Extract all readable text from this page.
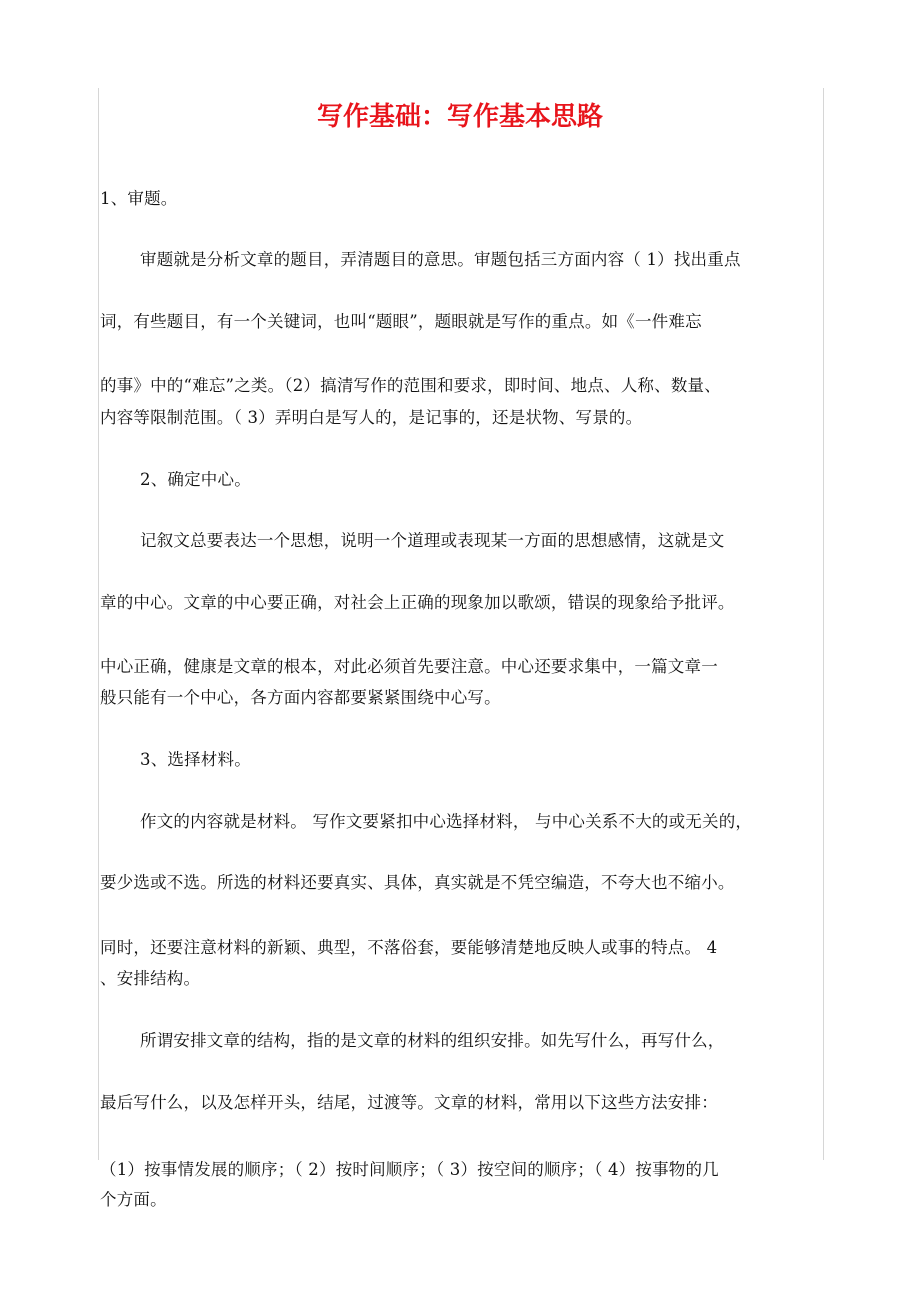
写作基础：写作基本思路
1、审题。
审题就是分析文章的题目，弄清题目的意思。审题包括三方面内容（ 1）找出重点
词，有些题目，有一个关键词，也叫“题眼”，题眼就是写作的重点。如《一件难忘
的事》中的“难忘”之类。（2）搞清写作的范围和要求，即时间、地点、人称、数量、
内容等限制范围。（ 3）弄明白是写人的，是记事的，还是状物、写景的。
2、确定中心。
记叙文总要表达一个思想，说明一个道理或表现某一方面的思想感情，这就是文
章的中心。文章的中心要正确，对社会上正确的现象加以歌颂，错误的现象给予批评。
中心正确，健康是文章的根本，对此必须首先要注意。中心还要求集中，一篇文章一
般只能有一个中心，各方面内容都要紧紧围绕中心写。
3、选择材料。
作文的内容就是材料。 写作文要紧扣中心选择材料， 与中心关系不大的或无关的，
要少选或不选。所选的材料还要真实、具体，真实就是不凭空编造，不夸大也不缩小。
同时，还要注意材料的新颖、典型，不落俗套，要能够清楚地反映人或事的特点。 4
、安排结构。
所谓安排文章的结构，指的是文章的材料的组织安排。如先写什么，再写什么，
最后写什么，以及怎样开头，结尾，过渡等。文章的材料，常用以下这些方法安排：
（1）按事情发展的顺序；（ 2）按时间顺序；（ 3）按空间的顺序；（ 4）按事物的几
个方面。
